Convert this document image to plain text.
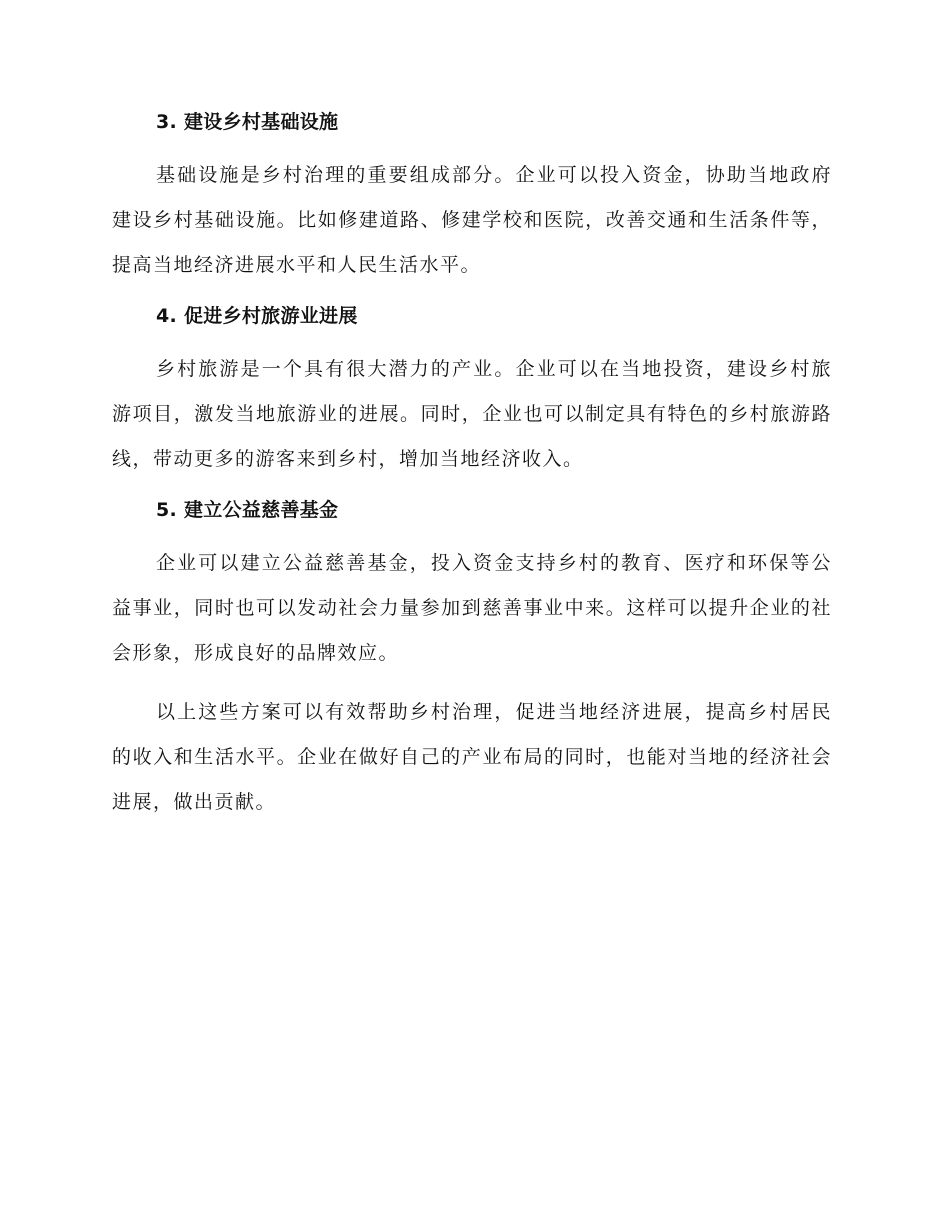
3. 建设乡村基础设施

基础设施是乡村治理的重要组成部分。企业可以投入资金，协助当地政府建设乡村基础设施。比如修建道路、修建学校和医院，改善交通和生活条件等，提高当地经济进展水平和人民生活水平。

4. 促进乡村旅游业进展

乡村旅游是一个具有很大潜力的产业。企业可以在当地投资，建设乡村旅游项目，激发当地旅游业的进展。同时，企业也可以制定具有特色的乡村旅游路线，带动更多的游客来到乡村，增加当地经济收入。

5. 建立公益慈善基金

企业可以建立公益慈善基金，投入资金支持乡村的教育、医疗和环保等公益事业，同时也可以发动社会力量参加到慈善事业中来。这样可以提升企业的社会形象，形成良好的品牌效应。

以上这些方案可以有效帮助乡村治理，促进当地经济进展，提高乡村居民的收入和生活水平。企业在做好自己的产业布局的同时，也能对当地的经济社会进展，做出贡献。
